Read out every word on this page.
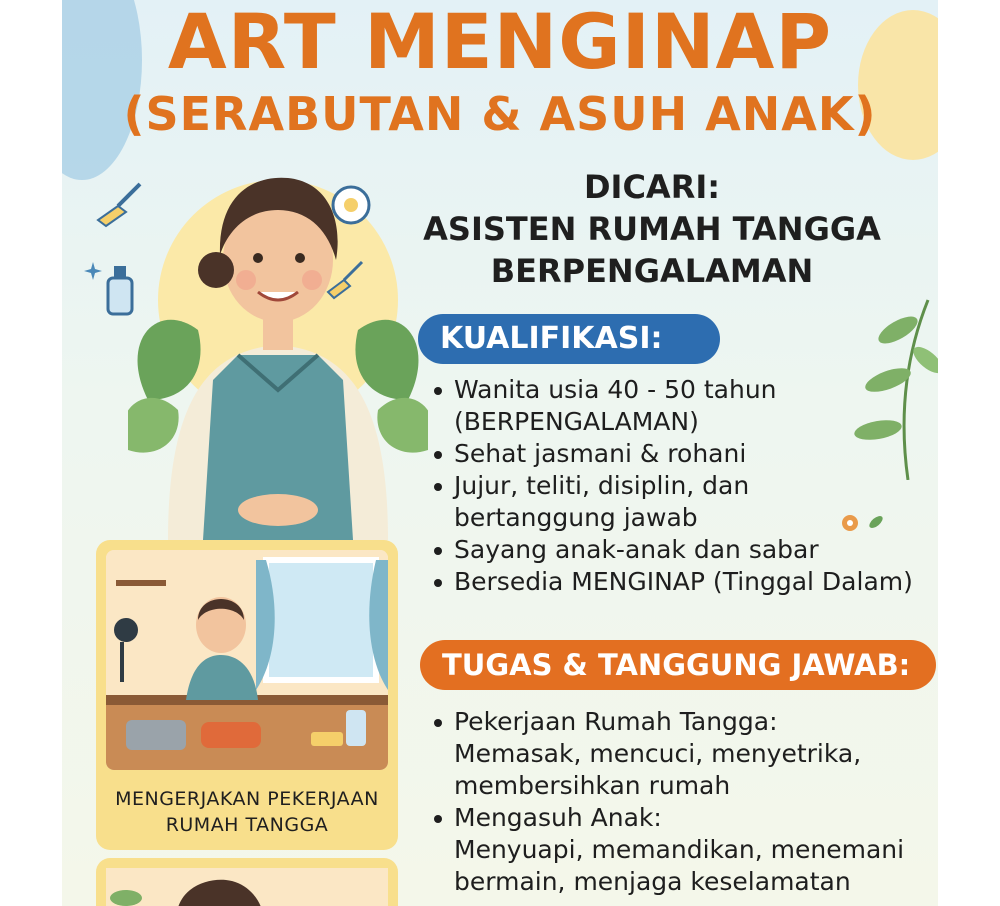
ART MENGINAP
(SERABUTAN & ASUH ANAK)

DICARI:

ASISTEN RUMAH TANGGA

BERPENGALAMAN

KUALIFIKASI:
Wanita usia 40 - 50 tahun
(BERPENGALAMAN)
Sehat jasmani & rohani
Jujur, teliti, disiplin, dan
bertanggung jawab
Sayang anak-anak dan sabar
Bersedia MENGINAP (Tinggal Dalam)
TUGAS & TANGGUNG JAWAB:
Pekerjaan Rumah Tangga:
Memasak, mencuci, menyetrika,
membersihkan rumah
Mengasuh Anak:
Menyuapi, memandikan, menemani
bermain, menjaga keselamatan
MENGERJAKAN PEKERJAAN
RUMAH TANGGA
